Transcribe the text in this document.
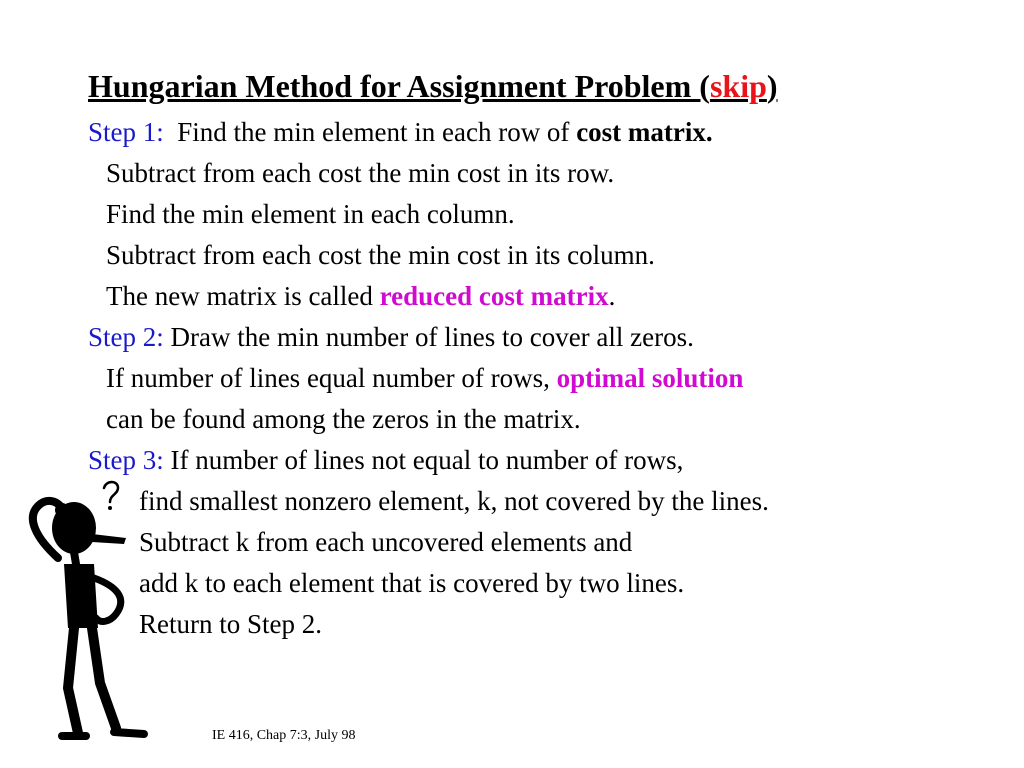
Hungarian Method for Assignment Problem (skip)
Step 1:  Find the min element in each row of cost matrix.
Subtract from each cost the min cost in its row.
Find the min element in each column.
Subtract from each cost the min cost in its column.
The new matrix is called reduced cost matrix.
Step 2: Draw the min number of lines to cover all zeros.
If number of lines equal number of rows, optimal solution
can be found among the zeros in the matrix.
Step 3: If number of lines not equal to number of rows,
find smallest nonzero element, k, not covered by the lines.
Subtract k from each uncovered elements and
add k to each element that is covered by two lines.
Return to Step 2.
IE 416, Chap 7:3, July 98
